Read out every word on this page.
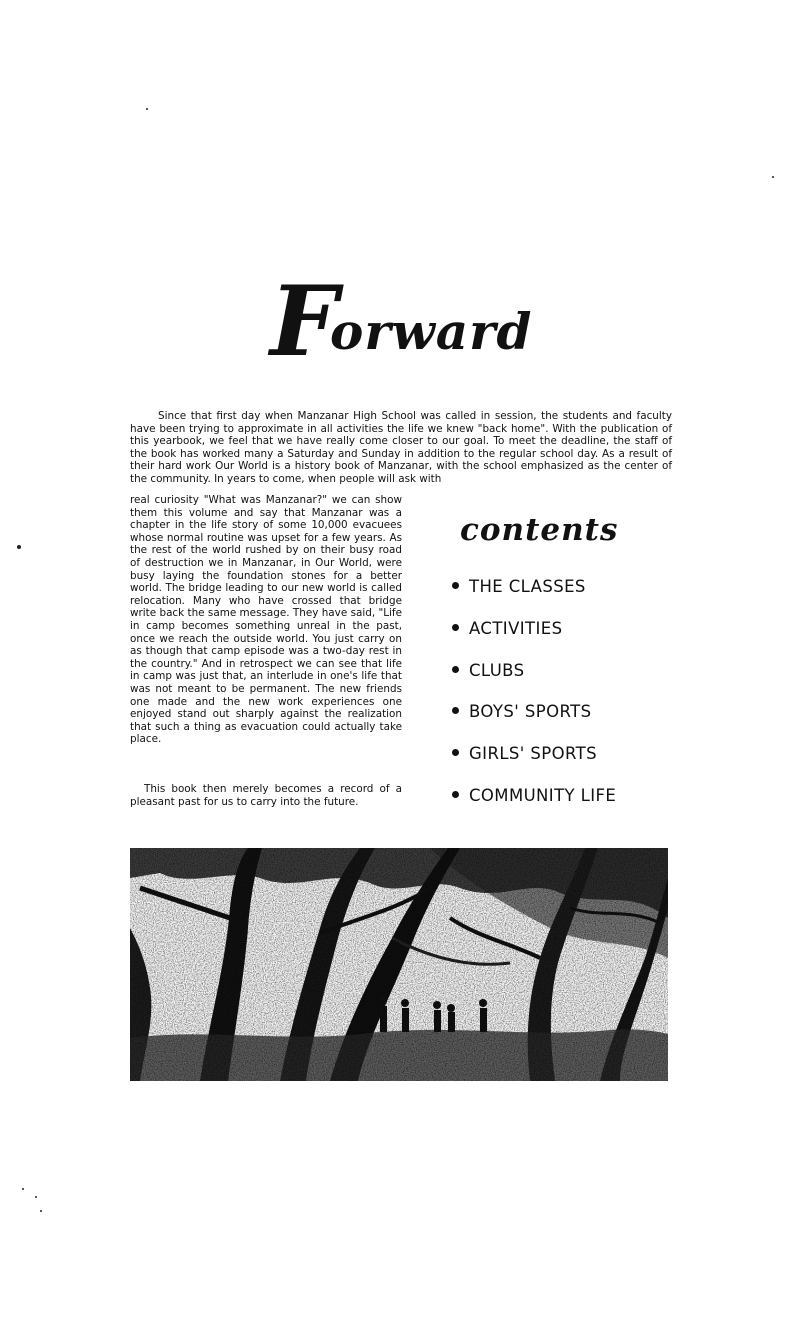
F
orward

Since that first day when Manzanar High School was called in session, the students and faculty have been trying to approximate in all activities the life we knew "back home". With the publication of this yearbook, we feel that we have really come closer to our goal. To meet the deadline, the staff of the book has worked many a Saturday and Sunday in addition to the regular school day. As a result of their hard work Our World is a history book of Manzanar, with the school emphasized as the center of the community. In years to come, when people will ask with

real curiosity "What was Manzanar?" we can show them this volume and say that Manzanar was a chapter in the life story of some 10,000 evacuees whose normal routine was upset for a few years. As the rest of the world rushed by on their busy road of destruction we in Manzanar, in Our World, were busy laying the foundation stones for a better world. The bridge leading to our new world is called relocation. Many who have crossed that bridge write back the same message. They have said, "Life in camp becomes something unreal in the past, once we reach the outside world. You just carry on as though that camp episode was a two-day rest in the country." And in retrospect we can see that life in camp was just that, an interlude in one's life that was not meant to be permanent. The new friends one made and the new work experiences one enjoyed stand out sharply against the realization that such a thing as evacuation could actually take place.

This book then merely becomes a record of a pleasant past for us to carry into the future.

contents
THE CLASSES
ACTIVITIES
CLUBS
BOYS' SPORTS
GIRLS' SPORTS
COMMUNITY LIFE
